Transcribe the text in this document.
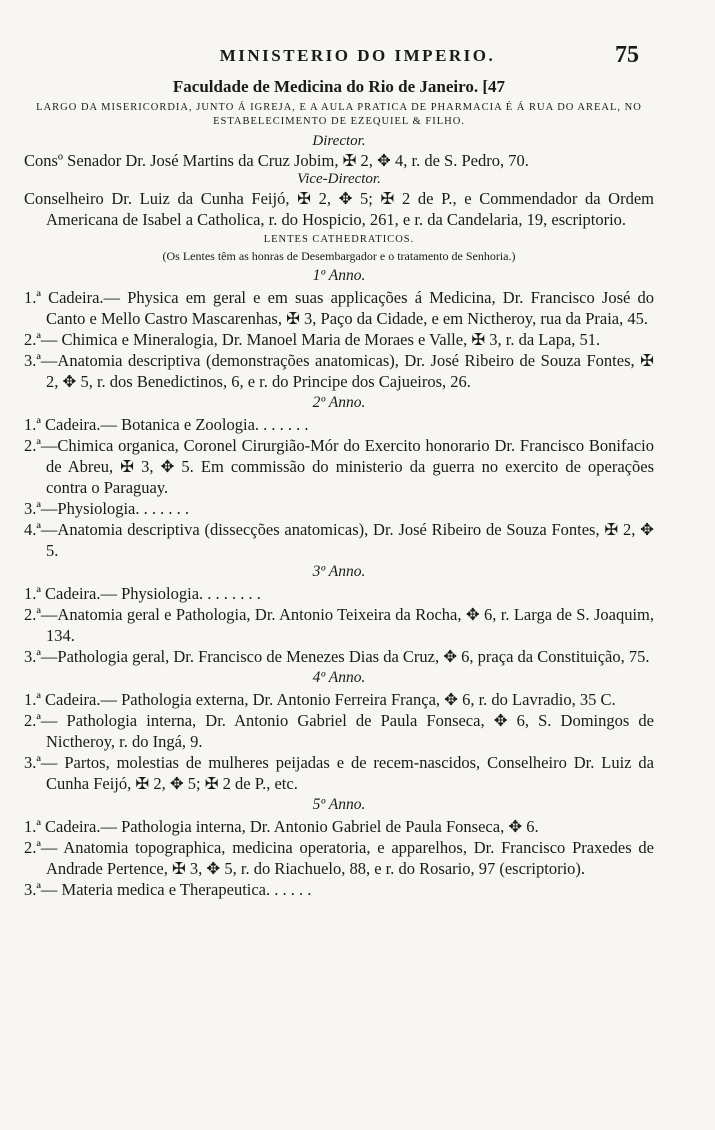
MINISTERIO DO IMPERIO.	75
Faculdade de Medicina do Rio de Janeiro. [47
LARGO DA MISERICORDIA, JUNTO Á IGREJA, E A AULA PRATICA DE PHARMACIA É Á RUA DO AREAL, NO ESTABELECIMENTO DE EZEQUIEL & FILHO.
Director.

Consº Senador Dr. José Martins da Cruz Jobim, ✠ 2, ✥ 4, r. de S. Pedro, 70.

Vice-Director.

Conselheiro Dr. Luiz da Cunha Feijó, ✠ 2, ✥ 5; ✠ 2 de P., e Commendador da Ordem Americana de Isabel a Catholica, r. do Hospicio, 261, e r. da Candelaria, 19, escriptorio.

LENTES CATHEDRATICOS.
(Os Lentes têm as honras de Desembargador e o tratamento de Senhoria.)
1º Anno.

1.ª Cadeira.— Physica em geral e em suas applicações á Medicina, Dr. Francisco José do Canto e Mello Castro Mascarenhas, ✠ 3, Paço da Cidade, e em Nictheroy, rua da Praia, 45.

2.ª— Chimica e Mineralogia, Dr. Manoel Maria de Moraes e Valle, ✠ 3, r. da Lapa, 51.

3.ª—Anatomia descriptiva (demonstrações anatomicas), Dr. José Ribeiro de Souza Fontes, ✠ 2, ✥ 5, r. dos Benedictinos, 6, e r. do Principe dos Cajueiros, 26.

2º Anno.

1.ª Cadeira.— Botanica e Zoologia. . . . . . .

2.ª—Chimica organica, Coronel Cirurgião-Mór do Exercito honorario Dr. Francisco Bonifacio de Abreu, ✠ 3, ✥ 5. Em commissão do ministerio da guerra no exercito de operações contra o Paraguay.

3.ª—Physiologia. . . . . . .

4.ª—Anatomia descriptiva (dissecções anatomicas), Dr. José Ribeiro de Souza Fontes, ✠ 2, ✥ 5.

3º Anno.

1.ª Cadeira.— Physiologia. . . . . . . .

2.ª—Anatomia geral e Pathologia, Dr. Antonio Teixeira da Rocha, ✥ 6, r. Larga de S. Joaquim, 134.

3.ª—Pathologia geral, Dr. Francisco de Menezes Dias da Cruz, ✥ 6, praça da Constituição, 75.

4º Anno.

1.ª Cadeira.— Pathologia externa, Dr. Antonio Ferreira França, ✥ 6, r. do Lavradio, 35 C.

2.ª— Pathologia interna, Dr. Antonio Gabriel de Paula Fonseca, ✥ 6, S. Domingos de Nictheroy, r. do Ingá, 9.

3.ª— Partos, molestias de mulheres peijadas e de recem-nascidos, Conselheiro Dr. Luiz da Cunha Feijó, ✠ 2, ✥ 5; ✠ 2 de P., etc.

5º Anno.

1.ª Cadeira.— Pathologia interna, Dr. Antonio Gabriel de Paula Fonseca, ✥ 6.

2.ª— Anatomia topographica, medicina operatoria, e apparelhos, Dr. Francisco Praxedes de Andrade Pertence, ✠ 3, ✥ 5, r. do Riachuelo, 88, e r. do Rosario, 97 (escriptorio).

3.ª— Materia medica e Therapeutica. . . . . .
